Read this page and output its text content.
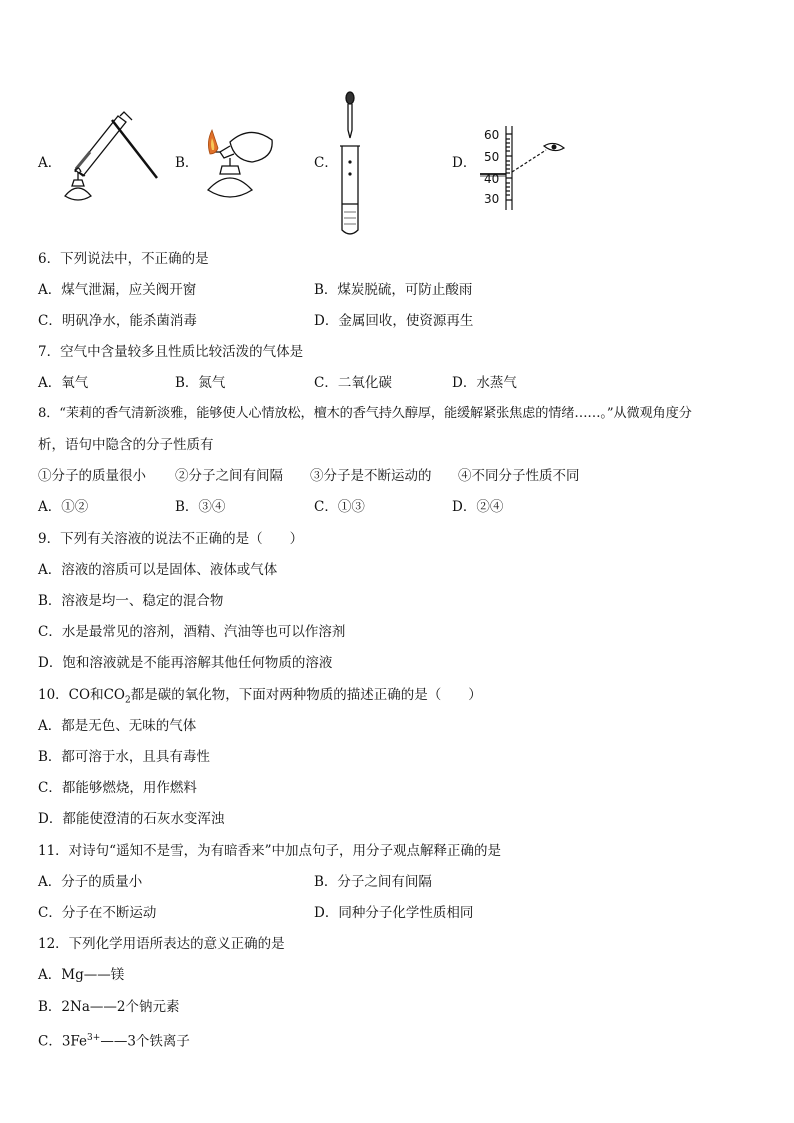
A．	B．	C．	D．
60
50
40
30
6．下列说法中，不正确的是
A．煤气泄漏，应关阀开窗	B．煤炭脱硫，可防止酸雨
C．明矾净水，能杀菌消毒	D．金属回收，使资源再生
7．空气中含量较多且性质比较活泼的气体是
A．氧气	B．氮气	C．二氧化碳	D．水蒸气
8．“茉莉的香气清新淡雅，能够使人心情放松，檀木的香气持久醇厚，能缓解紧张焦虑的情绪……。”从微观角度分
析，语句中隐含的分子性质有
①分子的质量很小 ②分子之间有间隔 ③分子是不断运动的 ④不同分子性质不同
A．①②	B．③④	C．①③	D．②④
9．下列有关溶液的说法不正确的是（　　）
A．溶液的溶质可以是固体、液体或气体
B．溶液是均一、稳定的混合物
C．水是最常见的溶剂，酒精、汽油等也可以作溶剂
D．饱和溶液就是不能再溶解其他任何物质的溶液
10．CO和$CO_2$都是碳的氧化物，下面对两种物质的描述正确的是（　　）
A．都是无色、无味的气体
B．都可溶于水，且具有毒性
C．都能够燃烧，用作燃料
D．都能使澄清的石灰水变浑浊
11．对诗句“遥知不是雪，为有暗香来”中加点句子，用分子观点解释正确的是
A．分子的质量小	B．分子之间有间隔
C．分子在不断运动	D．同种分子化学性质相同
12．下列化学用语所表达的意义正确的是
A．Mg——镁
B．2Na——2个钠元素
C．$3Fe^{3+}——3$个铁离子
